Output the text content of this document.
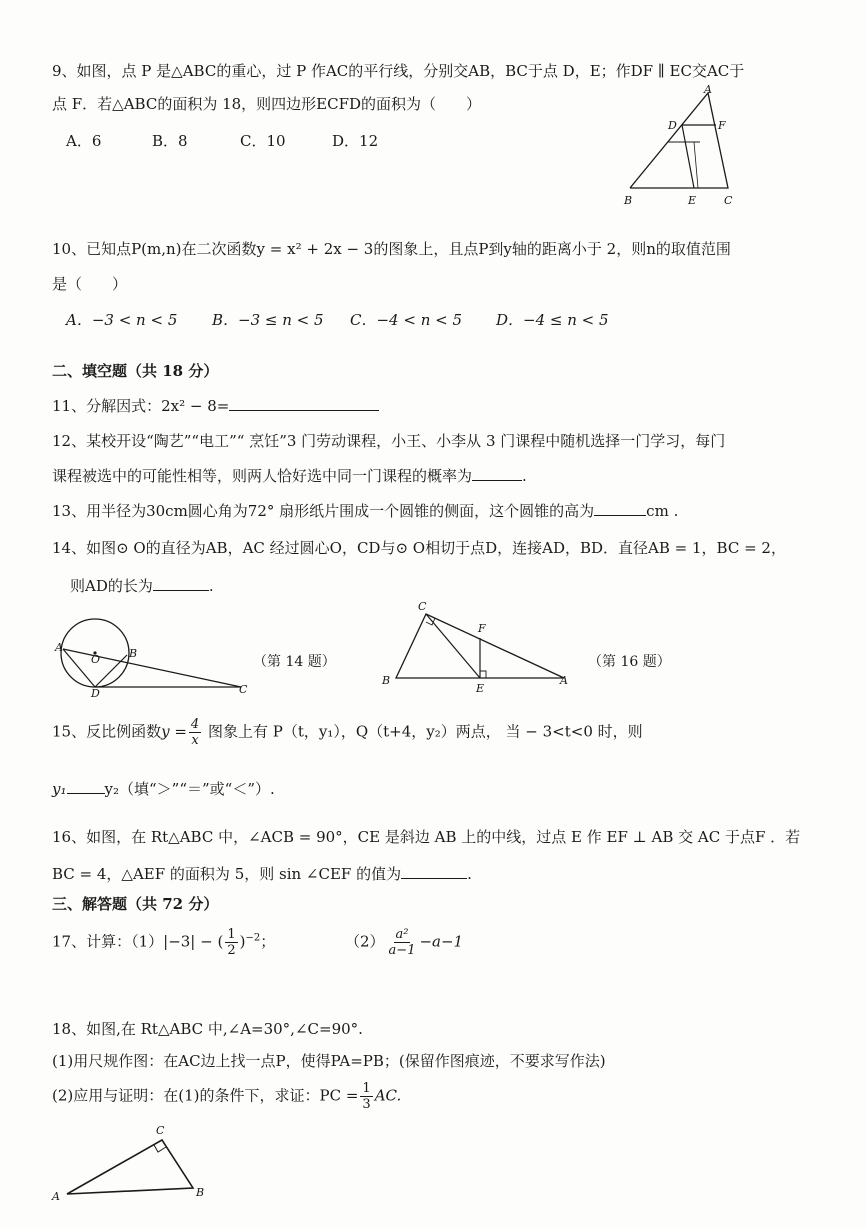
9、如图，点 P 是△ABC的重心，过 P 作AC的平行线，分别交AB，BC于点 D，E；作DF ∥ EC交AC于
点 F．若△ABC的面积为 18，则四边形ECFD的面积为（　　）
A．6	B．8	C．10	D．12
A
D	F
B	E	C
10、已知点P(m,n)在二次函数y = x² + 2x − 3的图象上，且点P到y轴的距离小于 2，则n的取值范围
是（　　）
A．−3 < n < 5 B．−3 ≤ n < 5 C．−4 < n < 5 D．−4 ≤ n < 5
二、填空题（共 18 分）
11、分解因式：2x² − 8=
12、某校开设“陶艺”“电工”“ 烹饪”3 门劳动课程，小王、小李从 3 门课程中随机选择一门学习，每门
课程被选中的可能性相等，则两人恰好选中同一门课程的概率为	.
13、用半径为30cm圆心角为72° 扇形纸片围成一个圆锥的侧面，这个圆锥的高为	cm .
14、如图⊙ O的直径为AB，AC 经过圆心O，CD与⊙ O相切于点D，连接AD，BD．直径AB = 1，BC = 2，
则AD的长为	.
A
O	B
D	C
（第 14 题）
C
F
B
E
A
（第 16 题）
15、反比例函数$y = \frac{4}{x}$ 图象上有 P（t，y₁），Q（t+4，y₂）两点， 当 − 3<t<0 时，则
y₁	y₂（填“＞”“＝”或“＜”）.
16、如图，在 Rt△ABC 中，∠ACB = 90°，CE 是斜边 AB 上的中线，过点 E 作 EF ⊥ AB 交 AC 于点F ．若
BC = 4，△AEF 的面积为 5，则 sin ∠CEF 的值为	.
三、解答题（共 72 分）
17、计算：（1）|−3| − ( $\frac{1}{2} )^{-2}$；	$(2) \frac{\text{a²}}{a-1} -a-1$
18、如图,在 Rt△ABC 中,∠A=30°,∠C=90°.
(1)用尺规作图：在AC边上找一点P，使得PA=PB；(保留作图痕迹，不要求写作法)
(2)应用与证明：在(1)的条件下，求证：PC = $\frac{1}{3}$ AC.
C
A	B
